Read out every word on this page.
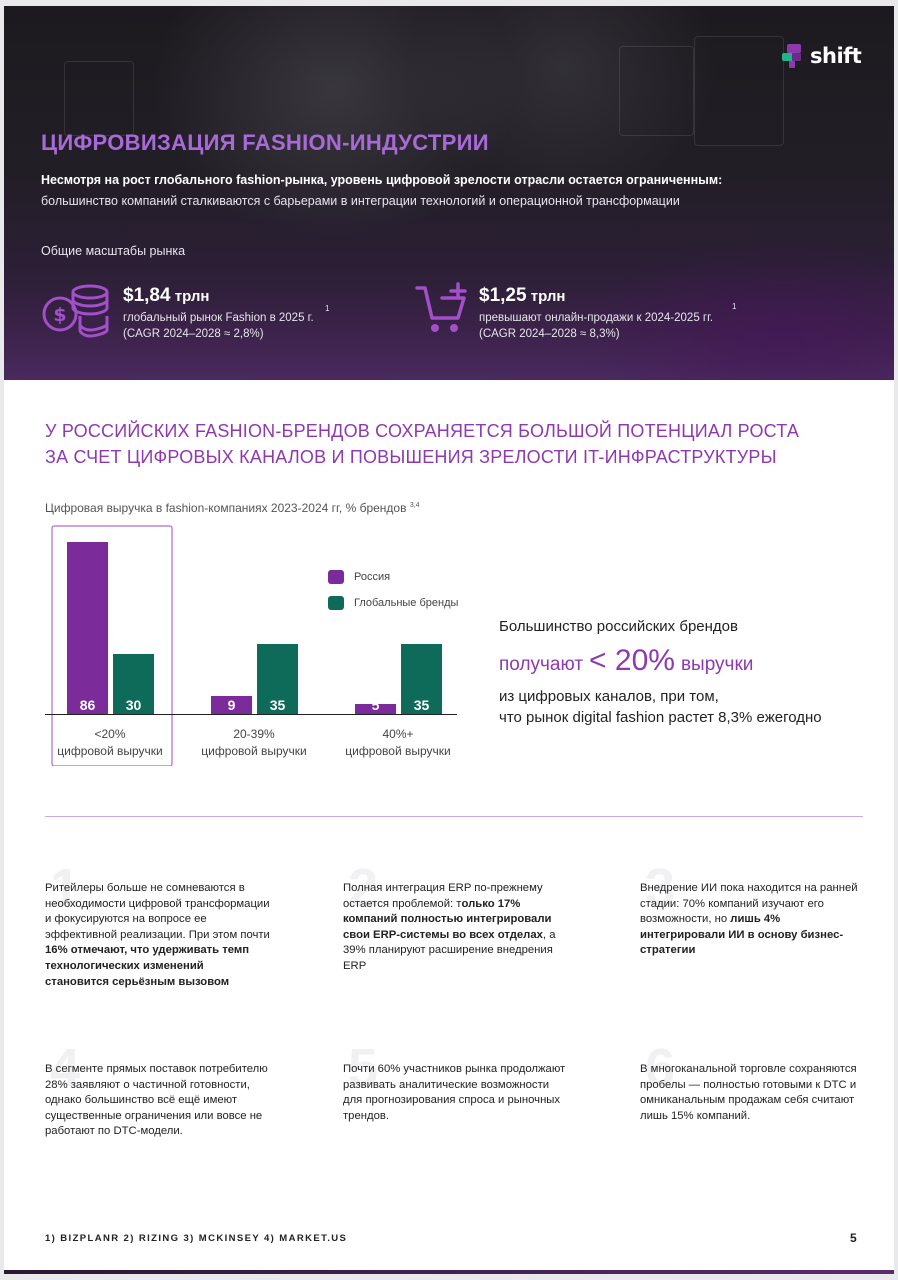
shift
ЦИФРОВИЗАЦИЯ FASHION-ИНДУСТРИИ
Несмотря на рост глобального fashion-рынка, уровень цифровой зрелости отрасли остается ограниченным:
большинство компаний сталкиваются с барьерами в интеграции технологий и операционной трансформации
Общие масштабы рынка
$
$1,84 трлн
1
глобальный рынок Fashion в 2025 г.
(CAGR 2024–2028 ≈ 2,8%)
$1,25 трлн
1
превышают онлайн-продажи к 2024-2025 гг.
(CAGR 2024–2028 ≈ 8,3%)
У РОССИЙСКИХ FASHION-БРЕНДОВ СОХРАНЯЕТСЯ БОЛЬШОЙ ПОТЕНЦИАЛ РОСТА
ЗА СЧЕТ ЦИФРОВЫХ КАНАЛОВ И ПОВЫШЕНИЯ ЗРЕЛОСТИ IT-ИНФРАСТРУКТУРЫ
Цифровая выручка в fashion-компаниях 2023-2024 гг, % брендов $^{3,4}$
86 30	9 35	5 35
<20%
цифровой выручки
20-39%
цифровой выручки
40%+
цифровой выручки
Россия
Глобальные бренды
Большинство российских брендов
получают < 20% выручки
из цифровых каналов, при том,
что рынок digital fashion растет 8,3% ежегодно
1
Ритейлеры больше не сомневаются в необходимости цифровой трансформации и фокусируются на вопросе ее эффективной реализации. При этом почти 16% отмечают, что удерживать темп технологических изменений становится серьёзным вызовом
2
Полная интеграция ERP по-прежнему остается проблемой: только 17% компаний полностью интегрировали свои ERP-системы во всех отделах, а 39% планируют расширение внедрения ERP
3
Внедрение ИИ пока находится на ранней стадии: 70% компаний изучают его возможности, но лишь 4% интегрировали ИИ в основу бизнес-стратегии
4
В сегменте прямых поставок потребителю 28% заявляют о частичной готовности, однако большинство всё ещё имеют существенные ограничения или вовсе не работают по DTC-модели.
5
Почти 60% участников рынка продолжают развивать аналитические возможности для прогнозирования спроса и рыночных трендов.
6
В многоканальной торговле сохраняются пробелы — полностью готовыми к DTC и омниканальным продажам себя считают лишь 15% компаний.
1) BIZPLANR 2) RIZING 3) MCKINSEY 4) MARKET.US	5
